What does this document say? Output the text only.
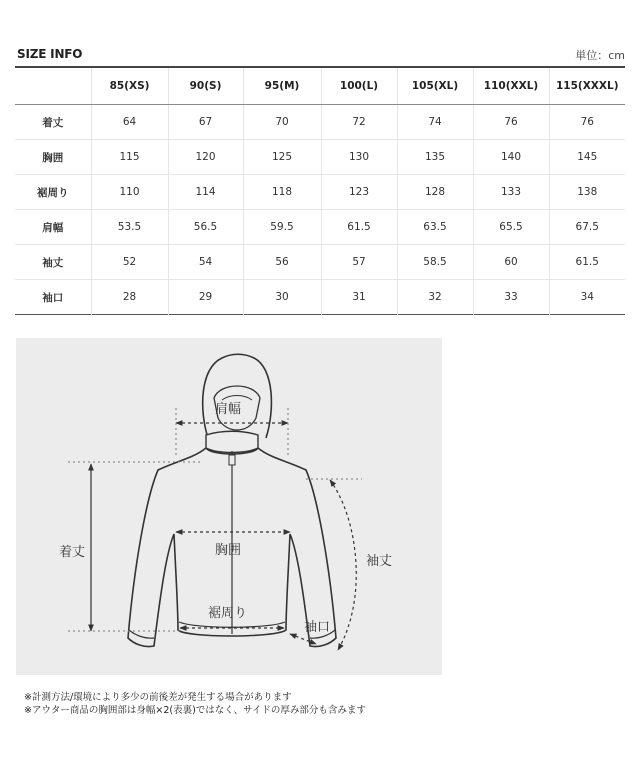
SIZE INFO	単位：cm
	85(XS)	90(S)	95(M)	100(L)	105(XL)	110(XXL)	115(XXXL)
着丈	64	67	70	72	74	76	76
胸囲	115	120	125	130	135	140	145
裾周り	110	114	118	123	128	133	138
肩幅	53.5	56.5	59.5	61.5	63.5	65.5	67.5
袖丈	52	54	56	57	58.5	60	61.5
袖口	28	29	30	31	32	33	34
肩幅
胸囲
着丈
裾周り
袖丈
袖口
※計測方法/環境により多少の前後差が発生する場合があります
※アウター商品の胸囲部は身幅×2(表裏)ではなく、サイドの厚み部分も含みます
